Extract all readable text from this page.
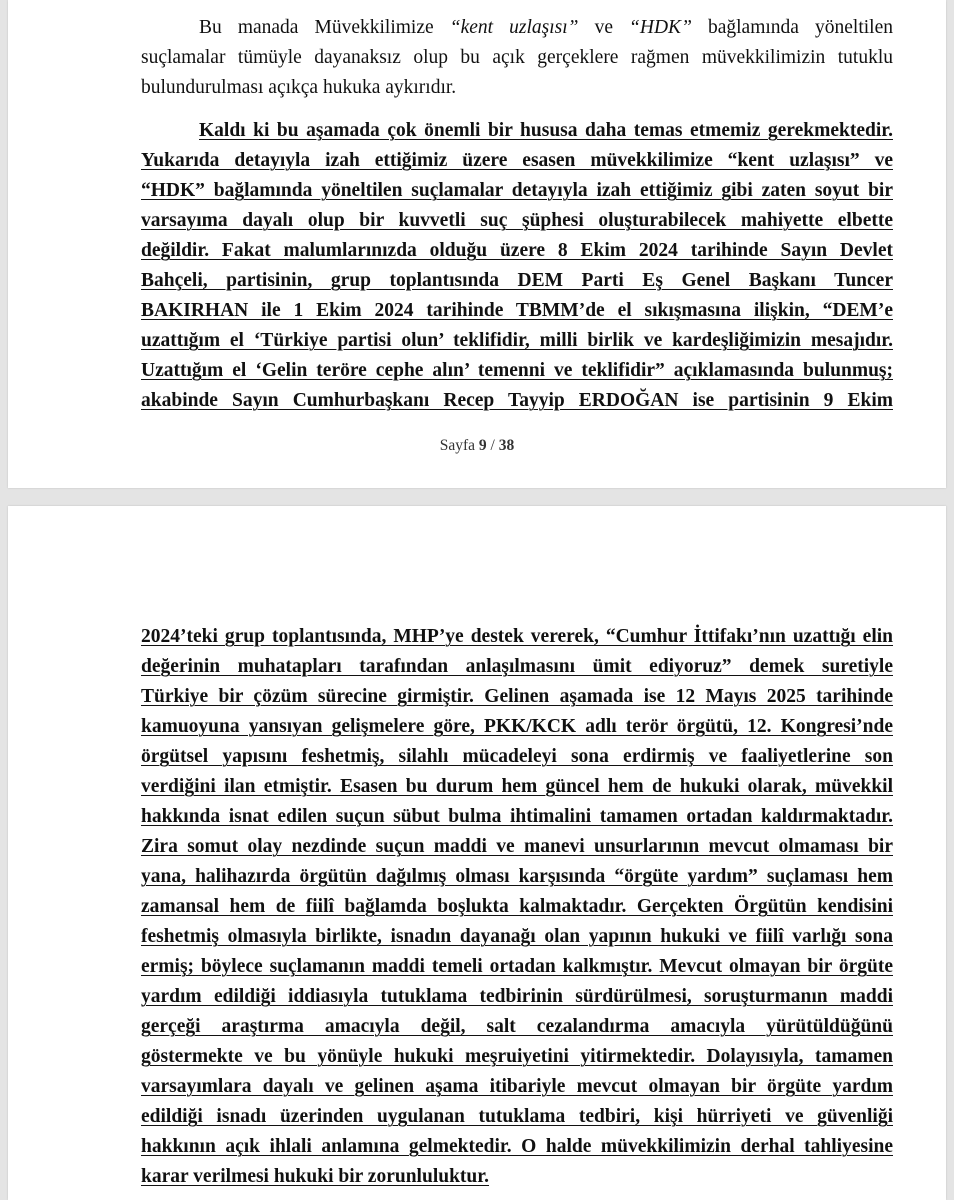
Bu manada Müvekkilimize “kent uzlaşısı” ve “HDK” bağlamında yöneltilen
suçlamalar tümüyle dayanaksız olup bu açık gerçeklere rağmen müvekkilimizin tutuklu
bulundurulması açıkça hukuka aykırıdır.
Kaldı ki bu aşamada çok önemli bir hususa daha temas etmemiz gerekmektedir.
Yukarıda detayıyla izah ettiğimiz üzere esasen müvekkilimize “kent uzlaşısı” ve
“HDK” bağlamında yöneltilen suçlamalar detayıyla izah ettiğimiz gibi zaten soyut bir
varsayıma dayalı olup bir kuvvetli suç şüphesi oluşturabilecek mahiyette elbette
değildir. Fakat malumlarınızda olduğu üzere 8 Ekim 2024 tarihinde Sayın Devlet
Bahçeli, partisinin, grup toplantısında DEM Parti Eş Genel Başkanı Tuncer
BAKIRHAN ile 1 Ekim 2024 tarihinde TBMM’de el sıkışmasına ilişkin, “DEM’e
uzattığım el ‘Türkiye partisi olun’ teklifidir, milli birlik ve kardeşliğimizin mesajıdır.
Uzattığım el ‘Gelin teröre cephe alın’ temenni ve teklifidir” açıklamasında bulunmuş;
akabinde Sayın Cumhurbaşkanı Recep Tayyip ERDOĞAN ise partisinin 9 Ekim
Sayfa 9 / 38
2024’teki grup toplantısında, MHP’ye destek vererek, “Cumhur İttifakı’nın uzattığı elin
değerinin muhatapları tarafından anlaşılmasını ümit ediyoruz” demek suretiyle
Türkiye bir çözüm sürecine girmiştir. Gelinen aşamada ise 12 Mayıs 2025 tarihinde
kamuoyuna yansıyan gelişmelere göre, PKK/KCK adlı terör örgütü, 12. Kongresi’nde
örgütsel yapısını feshetmiş, silahlı mücadeleyi sona erdirmiş ve faaliyetlerine son
verdiğini ilan etmiştir. Esasen bu durum hem güncel hem de hukuki olarak, müvekkil
hakkında isnat edilen suçun sübut bulma ihtimalini tamamen ortadan kaldırmaktadır.
Zira somut olay nezdinde suçun maddi ve manevi unsurlarının mevcut olmaması bir
yana, halihazırda örgütün dağılmış olması karşısında “örgüte yardım” suçlaması hem
zamansal hem de fiilî bağlamda boşlukta kalmaktadır. Gerçekten Örgütün kendisini
feshetmiş olmasıyla birlikte, isnadın dayanağı olan yapının hukuki ve fiilî varlığı sona
ermiş; böylece suçlamanın maddi temeli ortadan kalkmıştır. Mevcut olmayan bir örgüte
yardım edildiği iddiasıyla tutuklama tedbirinin sürdürülmesi, soruşturmanın maddi
gerçeği araştırma amacıyla değil, salt cezalandırma amacıyla yürütüldüğünü
göstermekte ve bu yönüyle hukuki meşruiyetini yitirmektedir. Dolayısıyla, tamamen
varsayımlara dayalı ve gelinen aşama itibariyle mevcut olmayan bir örgüte yardım
edildiği isnadı üzerinden uygulanan tutuklama tedbiri, kişi hürriyeti ve güvenliği
hakkının açık ihlali anlamına gelmektedir. O halde müvekkilimizin derhal tahliyesine
karar verilmesi hukuki bir zorunluluktur.
